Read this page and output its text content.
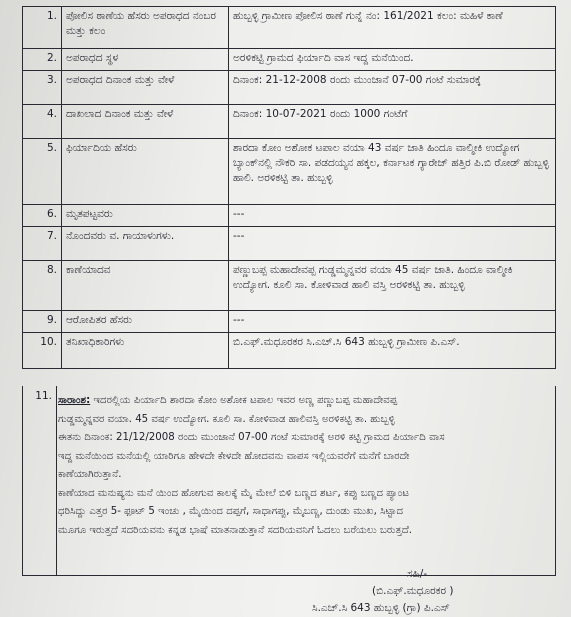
1.	ಪೋಲಿಸ ಠಾಣೆಯ ಹೆಸರು ಅಪರಾಧದ ನಂಬರ ಮತ್ತು ಕಲಂ	ಹುಬ್ಬಳ್ಳಿ ಗ್ರಾಮೀಣ ಪೋಲಿಸ ಠಾಣೆ ಗುನ್ನೆ ನಂ: 161/2021 ಕಲಂ: ಮಹಿಳೆ ಕಾಣೆ
2.	ಅಪರಾಧದ ಸ್ಥಳ	ಅರಳಿಕಟ್ಟಿ ಗ್ರಾಮದ ಫಿರ್ಯಾದಿ ವಾಸ ಇದ್ದ ಮನೆಯಿಂದ.
3.	ಅಪರಾಧದ ದಿನಾಂಕ ಮತ್ತು ವೇಳೆ	ದಿನಾಂಕ: 21-12-2008 ರಂದು ಮುಂಜಾನೆ 07-00 ಗಂಟೆ ಸುಮಾರಕ್ಕೆ
4.	ದಾಖಲಾದ ದಿನಾಂಕ ಮತ್ತು ವೇಳೆ	ದಿನಾಂಕ: 10-07-2021 ರಂದು 1000 ಗಂಟೆಗೆ
5.	ಫಿರ್ಯಾದಿಯ ಹೆಸರು	ಶಾರದಾ ಕೋಂ ಅಶೋಕ ಟಪಾಲ ವಯಾ 43 ವರ್ಷ ಜಾತಿ ಹಿಂದೂ ವಾಲ್ಮೀಕಿ ಉದ್ಯೋಗ ಬ್ಯಾಂಕ್‌ನಲ್ಲಿ ನೌಕರಿ ಸಾ. ಪಡದಯ್ಯನ ಹಕ್ಕಲ, ಕರ್ನಾಟಕ ಗ್ಯಾರೇಜ್ ಹತ್ತಿರ ಪಿ.ಬಿ ರೋಡ್ ಹುಬ್ಬಳ್ಳಿ ಹಾಲಿ. ಅರಳಿಕಟ್ಟಿ ತಾ. ಹುಬ್ಬಳ್ಳಿ
6.	ಮೃತಪಟ್ಟವರು	---
7.	ನೊಂದವರು ವ. ಗಾಯಾಳುಗಳು.	---
8.	ಕಾಣೆಯಾದವ	ಪಣ್ಣುಬಪ್ಪ ಮಹಾದೇವಪ್ಪ ಗುಡ್ಡಮ್ಮನ್ನವರ ವಯಾ 45 ವರ್ಷ ಜಾತಿ. ಹಿಂದೂ ವಾಲ್ಮೀಕಿ ಉದ್ಯೋಗ. ಕೂಲಿ ಸಾ. ಕೋಳಿವಾಡ ಹಾಲಿ ವಸ್ತಿ ಅರಳಿಕಟ್ಟಿ ತಾ. ಹುಬ್ಬಳ್ಳಿ
9.	ಆರೋಪಿತರ ಹೆಸರು	---
10.	ತನಿಖಾಧಿಕಾರಿಗಳು	ಬಿ.ಎಫ್.ಮಧೂರಕರ ಸಿ.ಎಚ್.ಸಿ 643 ಹುಬ್ಬಳ್ಳಿ ಗ್ರಾಮೀಣ ಪಿ.ಎಸ್.
11. ಸಾರಾಂಶ: ಇದರಲ್ಲಿಯ ಪಿರ್ಯಾದಿ ಶಾರದಾ ಕೋಂ ಅಶೋಕ ಟಪಾಲ ಇವರ ಅಣ್ಣ ಪಣ್ಣುಬಪ್ಪ ಮಹಾದೇವಪ್ಪ

ಗುಡ್ಡಮ್ಮನ್ನವರ ವಯಾ. 45 ವರ್ಷ ಉದ್ಯೋಗ. ಕೂಲಿ ಸಾ. ಕೋಳಿವಾಡ ಹಾಲಿವಸ್ತಿ ಅರಳಿಕಟ್ಟಿ ತಾ. ಹುಬ್ಬಳ್ಳಿ

ಈತನು ದಿನಾಂಕ: 21/12/2008 ರಂದು ಮುಂಜಾನೆ 07-00 ಗಂಟೆ ಸುಮಾರಕ್ಕೆ ಅರಳಿ ಕಟ್ಟಿ ಗ್ರಾಮದ ಪಿರ್ಯಾದಿ ವಾಸ

ಇದ್ದ ಮನೆಯಿಂದ ಮನೆಯಲ್ಲಿ ಯಾರಿಗೂ ಹೇಳದೇ ಕೇಳದೇ ಹೋದವನು ವಾಪಸ ಇಲ್ಲಿಯವರೆಗೆ ಮನೆಗೆ ಬಾರದೇ

ಕಾಣೆಯಾಗಿರುತ್ತಾನೆ.

ಕಾಣೆಯಾದ ಮನುಷ್ಯನು ಮನೆ ಯಿಂದ ಹೋಗುವ ಕಾಲಕ್ಕೆ ಮೈ ಮೇಲೆ ಬಿಳಿ ಬಣ್ಣದ ಶರ್ಟ, ಕಪ್ಪು ಬಣ್ಣದ ಪ್ಯಾಂಟ

ಧರಿಸಿದ್ದು ಎತ್ತರ 5- ಫೂಟ್ 5 ಇಂಚು , ಮೈಯಿಂದ ದಪ್ಪಗೆ, ಸಾಧಾಗಪ್ಪು, ಮೈಬಣ್ಣ, ದುಂಡು ಮುಖ, ಸಿಟ್ಟಾದ

ಮೂಗೂ ಇರುತ್ತದೆ ಸದರಿಯವನು ಕನ್ನಡ ಭಾಷೆ ಮಾತನಾಡುತ್ತಾನೆ ಸದರಿಯವನಿಗೆ ಓದಲು ಬರೆಯಲು ಬರುತ್ತದೆ.

ಸಹಿ/-
(ಬಿ.ಎಫ್.ಮಧೂರಕರ )
ಸಿ.ಎಚ್.ಸಿ 643 ಹುಬ್ಬಳ್ಳಿ (ಗ್ರಾ) ಪಿ.ಎಸ್
